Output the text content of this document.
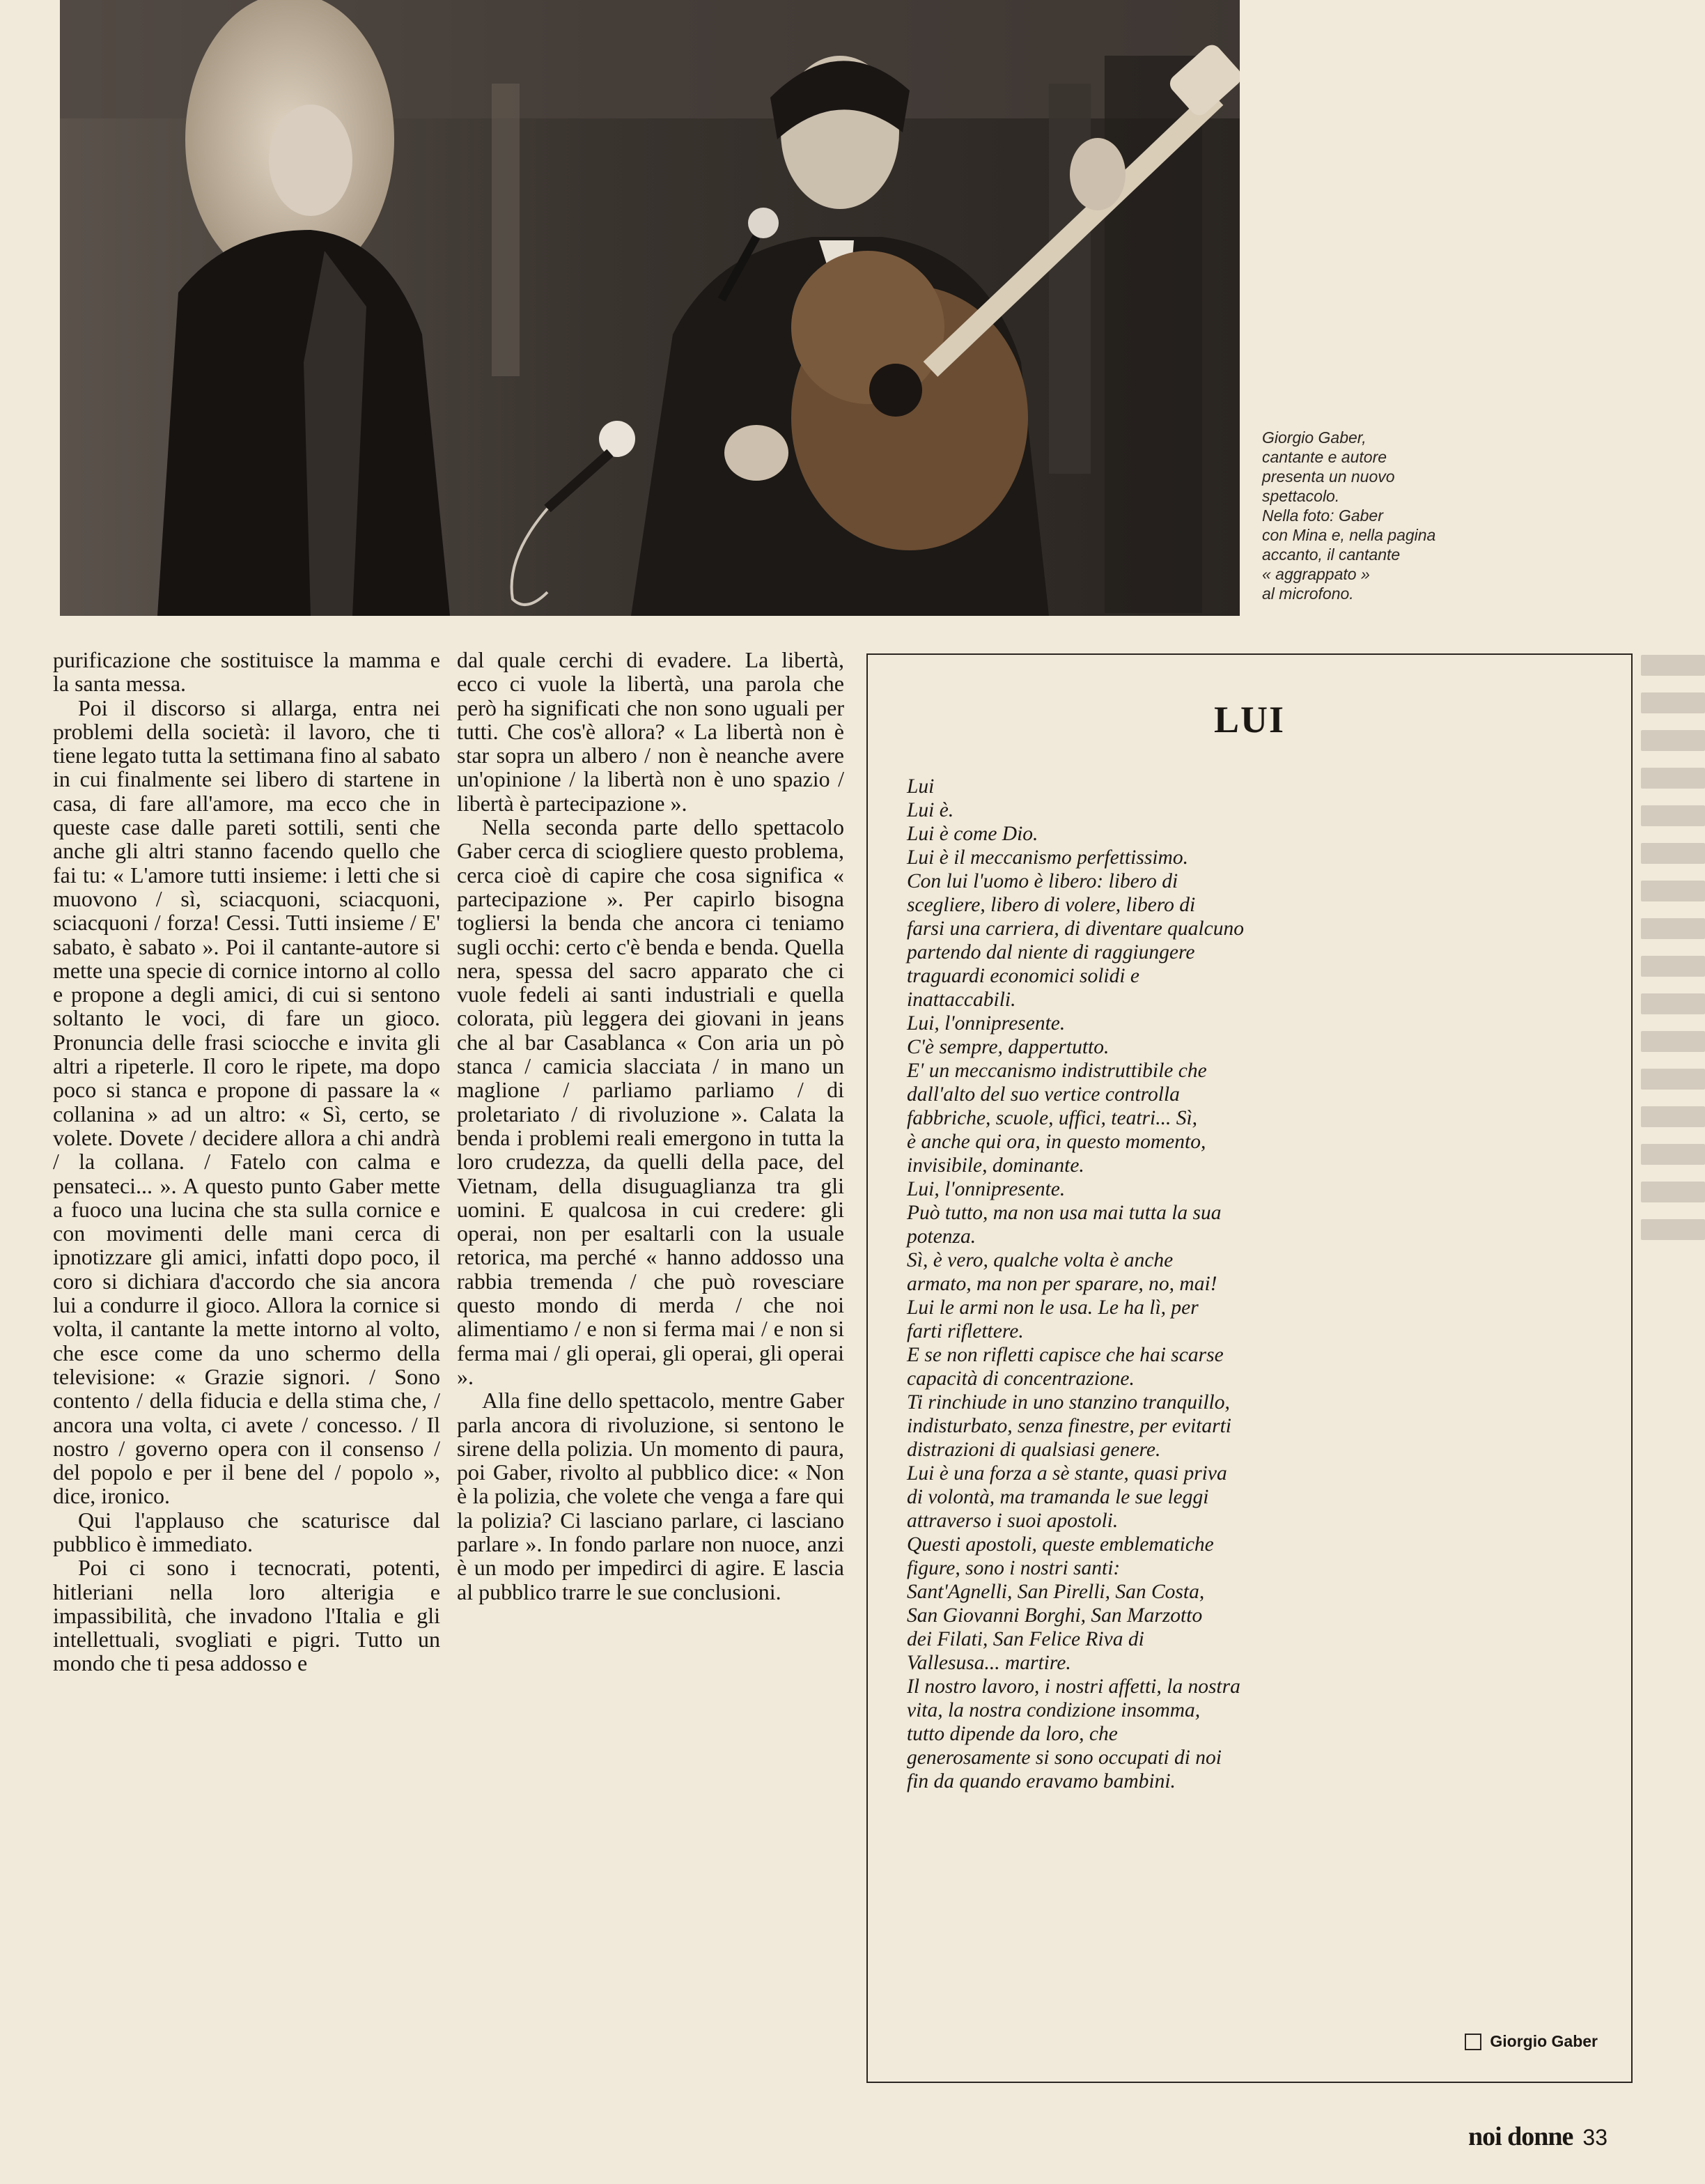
Giorgio Gaber,
cantante e autore
presenta un nuovo
spettacolo.
Nella foto: Gaber
con Mina e, nella pagina
accanto, il cantante
« aggrappato »
al microfono.

purificazione che sostituisce la mamma e la santa messa.

Poi il discorso si allarga, entra nei problemi della società: il lavoro, che ti tiene legato tutta la settimana fino al sabato in cui finalmente sei libero di startene in casa, di fare all'amore, ma ecco che in queste case dalle pareti sottili, senti che anche gli altri stanno facendo quello che fai tu: « L'amore tutti insieme: i letti che si muovono / sì, sciacquoni, sciacquoni, sciacquoni / forza! Cessi. Tutti insieme / E' sabato, è sabato ». Poi il cantante-autore si mette una specie di cornice intorno al collo e propone a degli amici, di cui si sentono soltanto le voci, di fare un gioco. Pronuncia delle frasi sciocche e invita gli altri a ripeterle. Il coro le ripete, ma dopo poco si stanca e propone di passare la « collanina » ad un altro: « Sì, certo, se volete. Dovete / decidere allora a chi andrà / la collana. / Fatelo con calma e pensateci... ». A questo punto Gaber mette a fuoco una lucina che sta sulla cornice e con movimenti delle mani cerca di ipnotizzare gli amici, infatti dopo poco, il coro si dichiara d'accordo che sia ancora lui a condurre il gioco. Allora la cornice si volta, il cantante la mette intorno al volto, che esce come da uno schermo della televisione: « Grazie signori. / Sono contento / della fiducia e della stima che, / ancora una volta, ci avete / concesso. / Il nostro / governo opera con il consenso / del popolo e per il bene del / popolo », dice, ironico.

Qui l'applauso che scaturisce dal pubblico è immediato.

Poi ci sono i tecnocrati, potenti, hitleriani nella loro alterigia e impassibilità, che invadono l'Italia e gli intellettuali, svogliati e pigri. Tutto un mondo che ti pesa addosso e

dal quale cerchi di evadere. La libertà, ecco ci vuole la libertà, una parola che però ha significati che non sono uguali per tutti. Che cos'è allora? « La libertà non è star sopra un albero / non è neanche avere un'opinione / la libertà non è uno spazio / libertà è partecipazione ».

Nella seconda parte dello spettacolo Gaber cerca di sciogliere questo problema, cerca cioè di capire che cosa significa « partecipazione ». Per capirlo bisogna togliersi la benda che ancora ci teniamo sugli occhi: certo c'è benda e benda. Quella nera, spessa del sacro apparato che ci vuole fedeli ai santi industriali e quella colorata, più leggera dei giovani in jeans che al bar Casablanca « Con aria un pò stanca / camicia slacciata / in mano un maglione / parliamo parliamo / di proletariato / di rivoluzione ». Calata la benda i problemi reali emergono in tutta la loro crudezza, da quelli della pace, del Vietnam, della disuguaglianza tra gli uomini. E qualcosa in cui credere: gli operai, non per esaltarli con la usuale retorica, ma perché « hanno addosso una rabbia tremenda / che può rovesciare questo mondo di merda / che noi alimentiamo / e non si ferma mai / e non si ferma mai / gli operai, gli operai, gli operai ».

Alla fine dello spettacolo, mentre Gaber parla ancora di rivoluzione, si sentono le sirene della polizia. Un momento di paura, poi Gaber, rivolto al pubblico dice: « Non è la polizia, che volete che venga a fare qui la polizia? Ci lasciano parlare, ci lasciano parlare ». In fondo parlare non nuoce, anzi è un modo per impedirci di agire. E lascia al pubblico trarre le sue conclusioni.

LUI
Lui
Lui è.
Lui è come Dio.
Lui è il meccanismo perfettissimo.
Con lui l'uomo è libero: libero di
scegliere, libero di volere, libero di
farsi una carriera, di diventare qualcuno
partendo dal niente di raggiungere
traguardi economici solidi e
inattaccabili.
Lui, l'onnipresente.
C'è sempre, dappertutto.
E' un meccanismo indistruttibile che
dall'alto del suo vertice controlla
fabbriche, scuole, uffici, teatri... Sì,
è anche qui ora, in questo momento,
invisibile, dominante.
Lui, l'onnipresente.
Può tutto, ma non usa mai tutta la sua
potenza.
Sì, è vero, qualche volta è anche
armato, ma non per sparare, no, mai!
Lui le armi non le usa. Le ha lì, per
farti riflettere.
E se non rifletti capisce che hai scarse
capacità di concentrazione.
Ti rinchiude in uno stanzino tranquillo,
indisturbato, senza finestre, per evitarti
distrazioni di qualsiasi genere.
Lui è una forza a sè stante, quasi priva
di volontà, ma tramanda le sue leggi
attraverso i suoi apostoli.
Questi apostoli, queste emblematiche
figure, sono i nostri santi:
Sant'Agnelli, San Pirelli, San Costa,
San Giovanni Borghi, San Marzotto
dei Filati, San Felice Riva di
Vallesusa... martire.
Il nostro lavoro, i nostri affetti, la nostra
vita, la nostra condizione insomma,
tutto dipende da loro, che
generosamente si sono occupati di noi
fin da quando eravamo bambini.
Giorgio Gaber
noi donne 33
